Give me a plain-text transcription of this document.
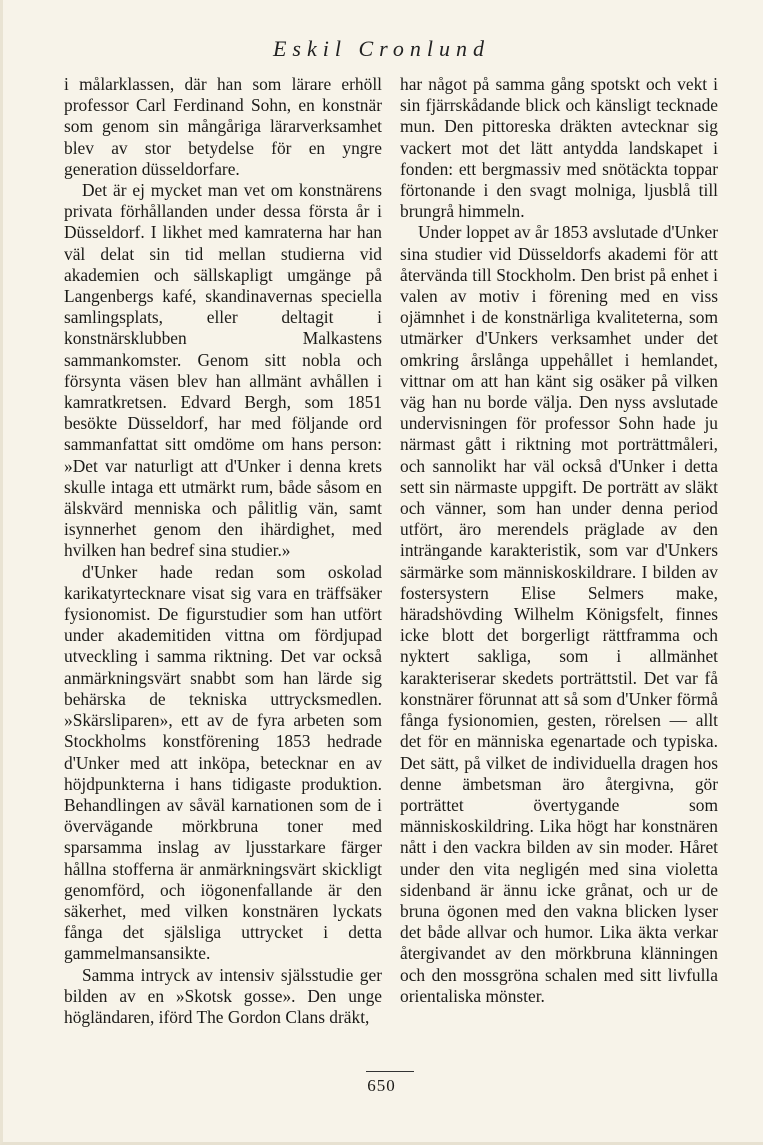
Eskil Cronlund

i målarklassen, där han som lärare erhöll professor Carl Ferdinand Sohn, en konstnär som genom sin mångåriga lärarverksamhet blev av stor betydelse för en yngre generation düsseldorfare.

Det är ej mycket man vet om konstnärens privata förhållanden under dessa första år i Düsseldorf. I likhet med kamraterna har han väl delat sin tid mellan studierna vid akademien och sällskapligt umgänge på Langenbergs kafé, skandinavernas speciella samlingsplats, eller deltagit i konstnärsklubben Malkastens sammankomster. Genom sitt nobla och försynta väsen blev han allmänt avhållen i kamratkretsen. Edvard Bergh, som 1851 besökte Düsseldorf, har med följande ord sammanfattat sitt omdöme om hans person: »Det var naturligt att d'Unker i denna krets skulle intaga ett utmärkt rum, både såsom en älskvärd menniska och pålitlig vän, samt isynnerhet genom den ihärdighet, med hvilken han bedref sina studier.»

d'Unker hade redan som oskolad karikatyrtecknare visat sig vara en träffsäker fysionomist. De figurstudier som han utfört under akademitiden vittna om fördjupad utveckling i samma riktning. Det var också anmärkningsvärt snabbt som han lärde sig behärska de tekniska uttrycksmedlen. »Skärsliparen», ett av de fyra arbeten som Stockholms konstförening 1853 hedrade d'Unker med att inköpa, betecknar en av höjdpunkterna i hans tidigaste produktion. Behandlingen av såväl karnationen som de i övervägande mörkbruna toner med sparsamma inslag av ljusstarkare färger hållna stofferna är anmärkningsvärt skickligt genomförd, och iögonenfallande är den säkerhet, med vilken konstnären lyckats fånga det själsliga uttrycket i detta gammelmansansikte.

Samma intryck av intensiv själsstudie ger bilden av en »Skotsk gosse». Den unge högländaren, iförd The Gordon Clans dräkt,

har något på samma gång spotskt och vekt i sin fjärrskådande blick och känsligt tecknade mun. Den pittoreska dräkten avtecknar sig vackert mot det lätt antydda landskapet i fonden: ett bergmassiv med snötäckta toppar förtonande i den svagt molniga, ljusblå till brungrå himmeln.

Under loppet av år 1853 avslutade d'Unker sina studier vid Düsseldorfs akademi för att återvända till Stockholm. Den brist på enhet i valen av motiv i förening med en viss ojämnhet i de konstnärliga kvaliteterna, som utmärker d'Unkers verksamhet under det omkring årslånga uppehållet i hemlandet, vittnar om att han känt sig osäker på vilken väg han nu borde välja. Den nyss avslutade undervisningen för professor Sohn hade ju närmast gått i riktning mot porträttmåleri, och sannolikt har väl också d'Unker i detta sett sin närmaste uppgift. De porträtt av släkt och vänner, som han under denna period utfört, äro merendels präglade av den inträngande karakteristik, som var d'Unkers särmärke som människoskildrare. I bilden av fostersystern Elise Selmers make, häradshövding Wilhelm Königsfelt, finnes icke blott det borgerligt rättframma och nyktert sakliga, som i allmänhet karakteriserar skedets porträttstil. Det var få konstnärer förunnat att så som d'Unker förmå fånga fysionomien, gesten, rörelsen — allt det för en människa egenartade och typiska. Det sätt, på vilket de individuella dragen hos denne ämbetsman äro återgivna, gör porträttet övertygande som människoskildring. Lika högt har konstnären nått i den vackra bilden av sin moder. Håret under den vita negligén med sina violetta sidenband är ännu icke grånat, och ur de bruna ögonen med den vakna blicken lyser det både allvar och humor. Lika äkta verkar återgivandet av den mörkbruna klänningen och den mossgröna schalen med sitt livfulla orientaliska mönster.

650
